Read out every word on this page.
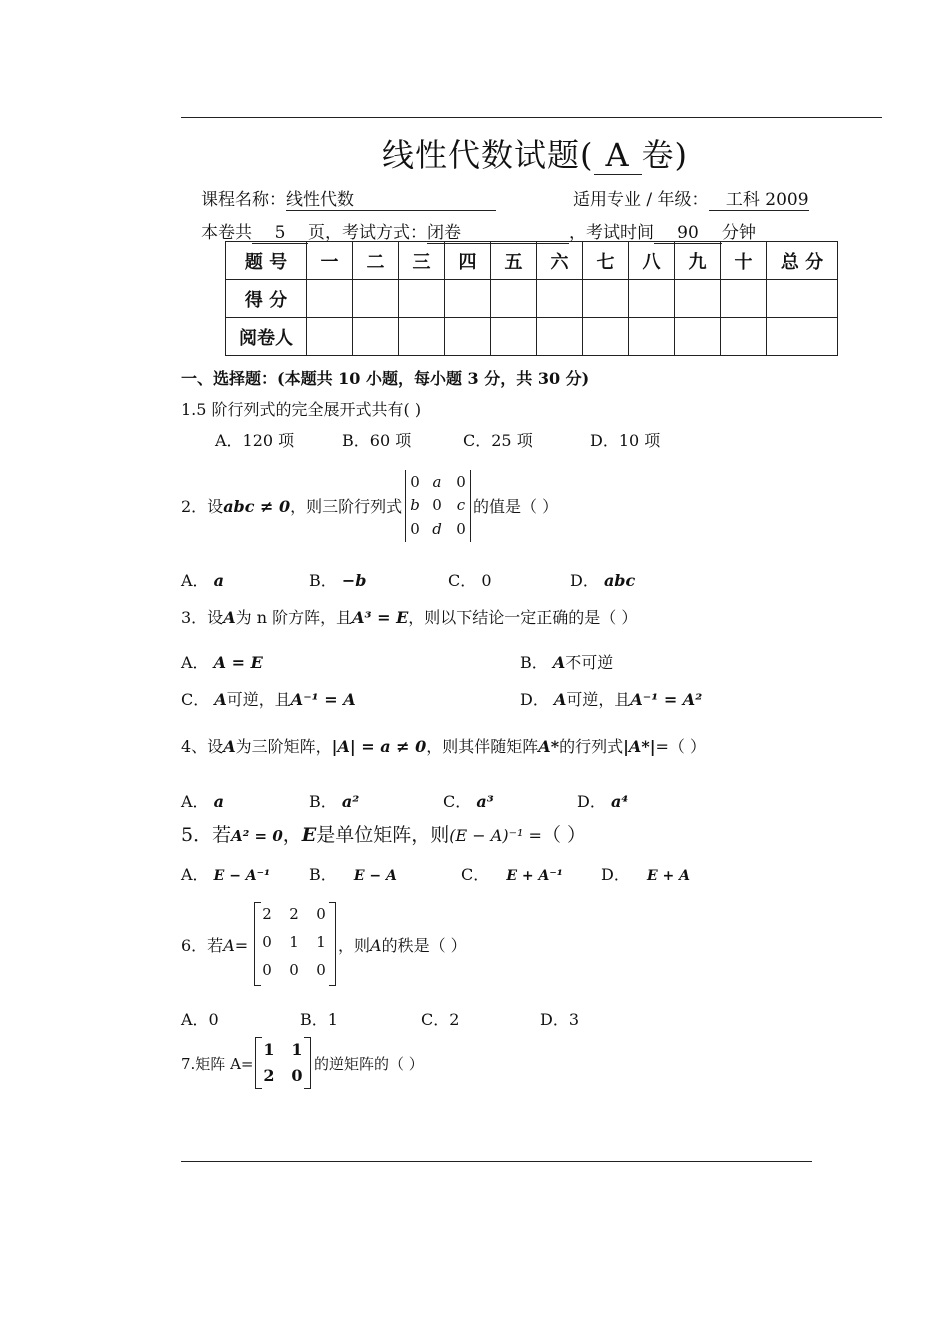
线性代数试题( A 卷)
课程名称：线性代数	适用专业 / 年级： 工科 2009
本卷共 5 页，考试方式：闭卷	，考试时间 90 分钟
题 号	一	二	三	四	五	六	七	八	九	十	总 分
得 分											
阅卷人											
一、选择题：(本题共 10 小题，每小题 3 分，共 30 分)
1.5 阶行列式的完全展开式共有( )
A．120 项	B．60 项	C．25 项	D．10 项
2．设abc ≠ 0，则三阶行列式
0 a 0
b 0	c
0 d 0
的值是（ ）
A． a	B． −b	C． 0	D． abc
3．设A为 n 阶方阵，且A³ = E，则以下结论一定正确的是（ ）
A． A = E	B． A不可逆
C． A可逆，且A⁻¹ = A	D． A可逆，且A⁻¹ = A²
4、设A为三阶矩阵，|A| = a ≠ 0，则其伴随矩阵A*的行列式|A*|=（ ）
A． a	B． a²	C． a³	D． a⁴
5．若A² = 0，E是单位矩阵，则(E − A)⁻¹ =（ ）
A． E − A⁻¹ B． E − A	C． E + A⁻¹ D． E + A
6．若A=
2 2 0
0 1 1
0 0 0
，则A的秩是（ ）
A．0	B．1	C．2	D．3
7.矩阵 A=
1 1
2 0
的逆矩阵的（ ）
